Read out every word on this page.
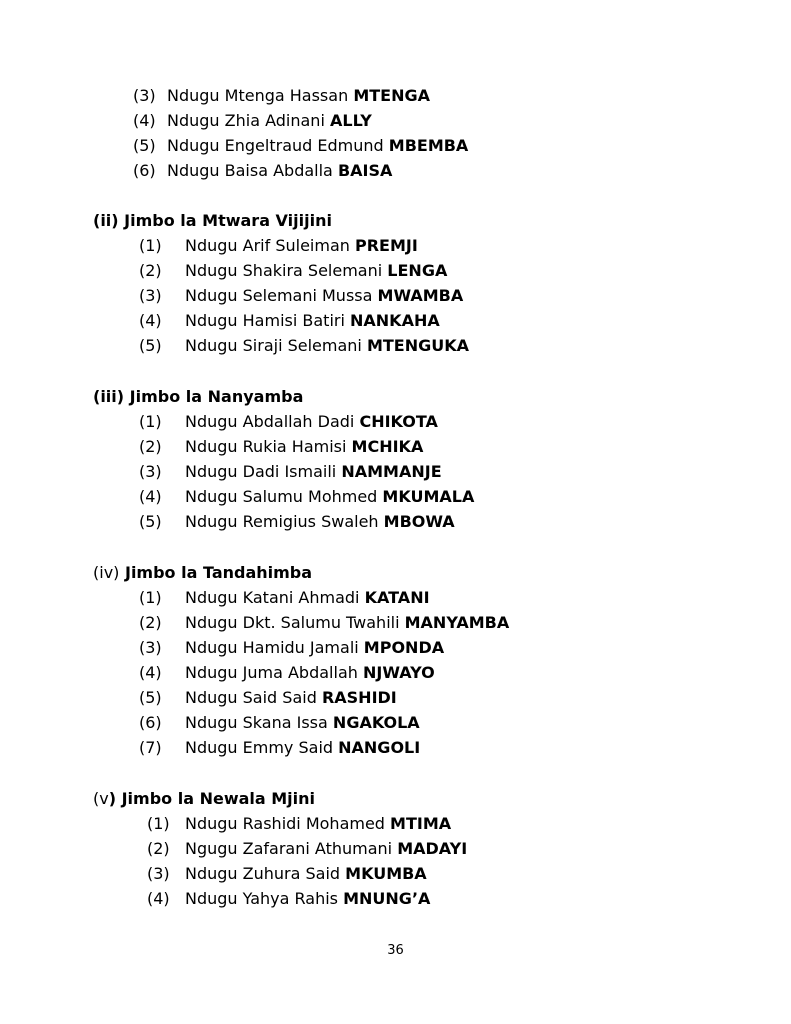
(3) Ndugu Mtenga Hassan MTENGA
(4) Ndugu Zhia Adinani ALLY
(5) Ndugu Engeltraud Edmund MBEMBA
(6) Ndugu Baisa Abdalla BAISA
(ii) Jimbo la Mtwara Vijijini
(1) Ndugu Arif Suleiman PREMJI
(2) Ndugu Shakira Selemani LENGA
(3) Ndugu Selemani Mussa MWAMBA
(4) Ndugu Hamisi Batiri NANKAHA
(5) Ndugu Siraji Selemani MTENGUKA
(iii) Jimbo la Nanyamba
(1) Ndugu Abdallah Dadi CHIKOTA
(2) Ndugu Rukia Hamisi MCHIKA
(3) Ndugu Dadi Ismaili NAMMANJE
(4) Ndugu Salumu Mohmed MKUMALA
(5) Ndugu Remigius Swaleh MBOWA
(iv) Jimbo la Tandahimba
(1) Ndugu Katani Ahmadi KATANI
(2) Ndugu Dkt. Salumu Twahili MANYAMBA
(3) Ndugu Hamidu Jamali MPONDA
(4) Ndugu Juma Abdallah NJWAYO
(5) Ndugu Said Said RASHIDI
(6) Ndugu Skana Issa NGAKOLA
(7) Ndugu Emmy Said NANGOLI
(v) Jimbo la Newala Mjini
(1) Ndugu Rashidi Mohamed MTIMA
(2) Ngugu Zafarani Athumani MADAYI
(3) Ndugu Zuhura Said MKUMBA
(4) Ndugu Yahya Rahis MNUNG’A
36
